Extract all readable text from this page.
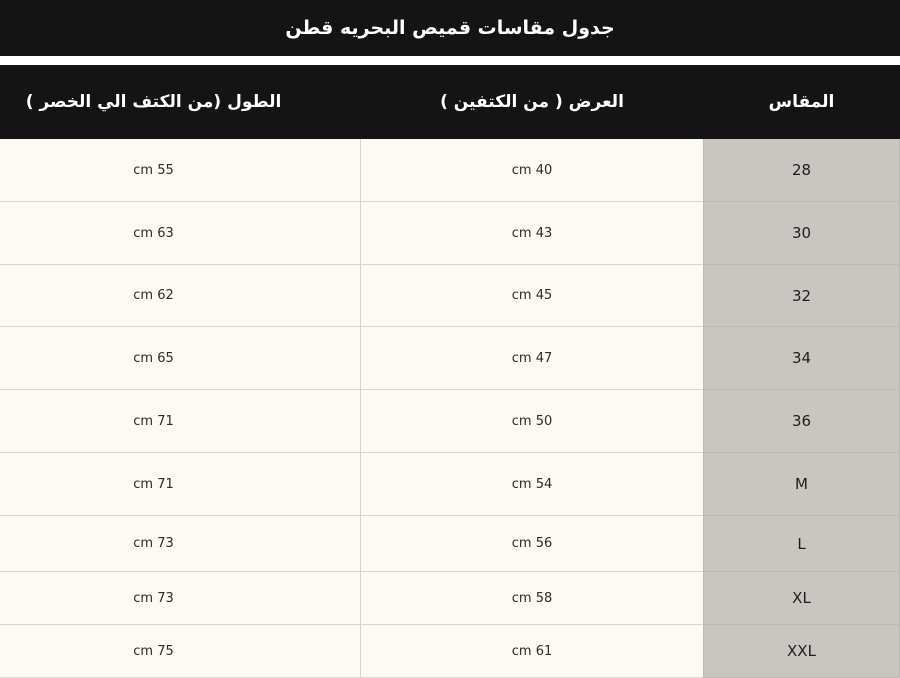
جدول مقاسات قميص البحريه قطن
المقاس	العرض ( من الكتفين )	الطول (من الكتف الي الخصر )
28	40 cm	55 cm
30	43 cm	63 cm
32	45 cm	62 cm
34	47 cm	65 cm
36	50 cm	71 cm
M	54 cm	71 cm
L	56 cm	73 cm
XL	58 cm	73 cm
XXL	61 cm	75 cm
